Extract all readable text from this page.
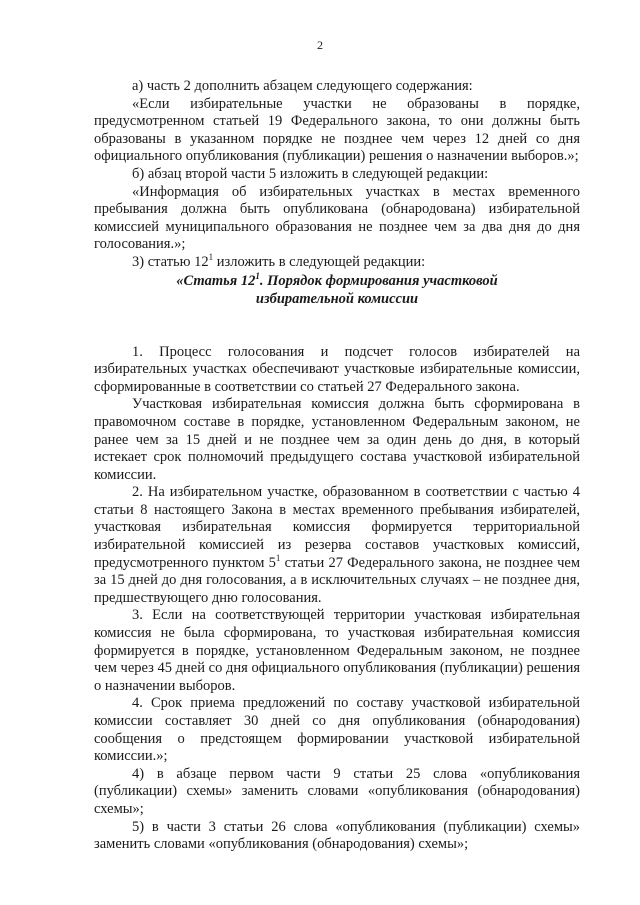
2

а) часть 2 дополнить абзацем следующего содержания:

«Если избирательные участки не образованы в порядке, предусмотренном статьей 19 Федерального закона, то они должны быть образованы в указанном порядке не позднее чем через 12 дней со дня официального опубликования (публикации) решения о назначении выборов.»;

б) абзац второй части 5 изложить в следующей редакции:

«Информация об избирательных участках в местах временного пребывания должна быть опубликована (обнародована) избирательной комиссией муниципального образования не позднее чем за два дня до дня голосования.»;

3) статью $12^1$ изложить в следующей редакции:

«Статья $12^1$. Порядок формирования участковой
избирательной комиссии

1. Процесс голосования и подсчет голосов избирателей на избирательных участках обеспечивают участковые избирательные комиссии, сформированные в соответствии со статьей 27 Федерального закона.

Участковая избирательная комиссия должна быть сформирована в правомочном составе в порядке, установленном Федеральным законом, не ранее чем за 15 дней и не позднее чем за один день до дня, в который истекает срок полномочий предыдущего состава участковой избирательной комиссии.

2. На избирательном участке, образованном в соответствии с частью 4 статьи 8 настоящего Закона в местах временного пребывания избирателей, участковая избирательная комиссия формируется территориальной избирательной комиссией из резерва составов участковых комиссий, предусмотренного пунктом $5^1$ статьи 27 Федерального закона, не позднее чем за 15 дней до дня голосования, а в исключительных случаях – не позднее дня, предшествующего дню голосования.

3. Если на соответствующей территории участковая избирательная комиссия не была сформирована, то участковая избирательная комиссия формируется в порядке, установленном Федеральным законом, не позднее чем через 45 дней со дня официального опубликования (публикации) решения о назначении выборов.

4. Срок приема предложений по составу участковой избирательной комиссии составляет 30 дней со дня опубликования (обнародования) сообщения о предстоящем формировании участковой избирательной комиссии.»;

4) в абзаце первом части 9 статьи 25 слова «опубликования (публикации) схемы» заменить словами «опубликования (обнародования) схемы»;

5) в части 3 статьи 26 слова «опубликования (публикации) схемы» заменить словами «опубликования (обнародования) схемы»;
